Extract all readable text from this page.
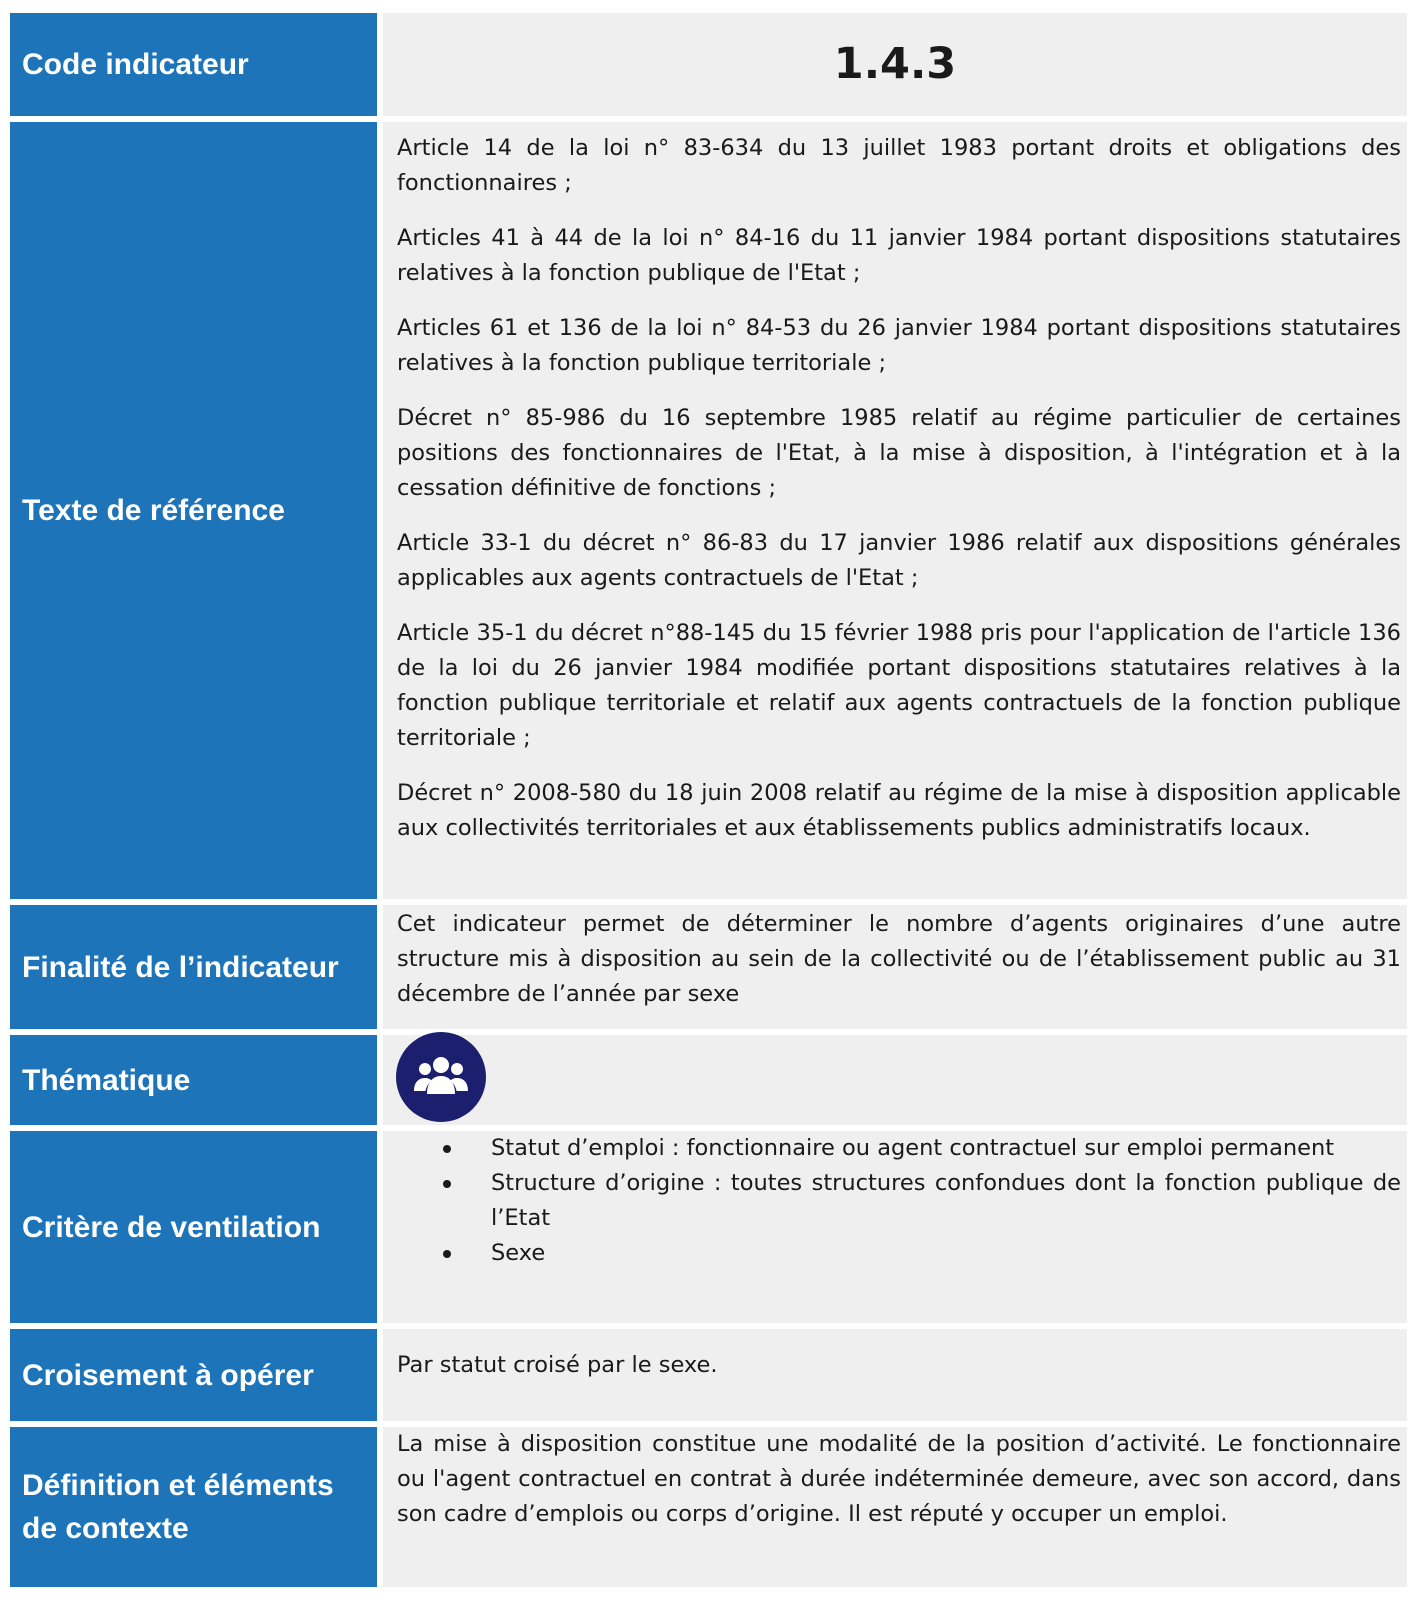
Code indicateur	1.4.3
Texte de référence

Article 14 de la loi n° 83-634 du 13 juillet 1983 portant droits et obligations des fonctionnaires ;

Articles 41 à 44 de la loi n° 84-16 du 11 janvier 1984 portant dispositions statutaires relatives à la fonction publique de l'Etat ;

Articles 61 et 136 de la loi n° 84-53 du 26 janvier 1984 portant dispositions statutaires relatives à la fonction publique territoriale ;

Décret n° 85-986 du 16 septembre 1985 relatif au régime particulier de certaines positions des fonctionnaires de l'Etat, à la mise à disposition, à l'intégration et à la cessation définitive de fonctions ;

Article 33-1 du décret n° 86-83 du 17 janvier 1986 relatif aux dispositions générales applicables aux agents contractuels de l'Etat ;

Article 35-1 du décret n°88-145 du 15 février 1988 pris pour l'application de l'article 136 de la loi du 26 janvier 1984 modifiée portant dispositions statutaires relatives à la fonction publique territoriale et relatif aux agents contractuels de la fonction publique territoriale ;

Décret n° 2008-580 du 18 juin 2008 relatif au régime de la mise à disposition applicable aux collectivités territoriales et aux établissements publics administratifs locaux.

Finalité de l’indicateur

Cet indicateur permet de déterminer le nombre d’agents originaires d’une autre structure mis à disposition au sein de la collectivité ou de l’établissement public au 31 décembre de l’année par sexe

Thématique
Critère de ventilation
Statut d’emploi : fonctionnaire ou agent contractuel sur emploi permanent
Structure d’origine : toutes structures confondues dont la fonction publique de l’Etat
Sexe
Croisement à opérer	Par statut croisé par le sexe.

Définition et éléments de contexte

La mise à disposition constitue une modalité de la position d’activité. Le fonctionnaire ou l'agent contractuel en contrat à durée indéterminée demeure, avec son accord, dans son cadre d’emplois ou corps d’origine. Il est réputé y occuper un emploi.
